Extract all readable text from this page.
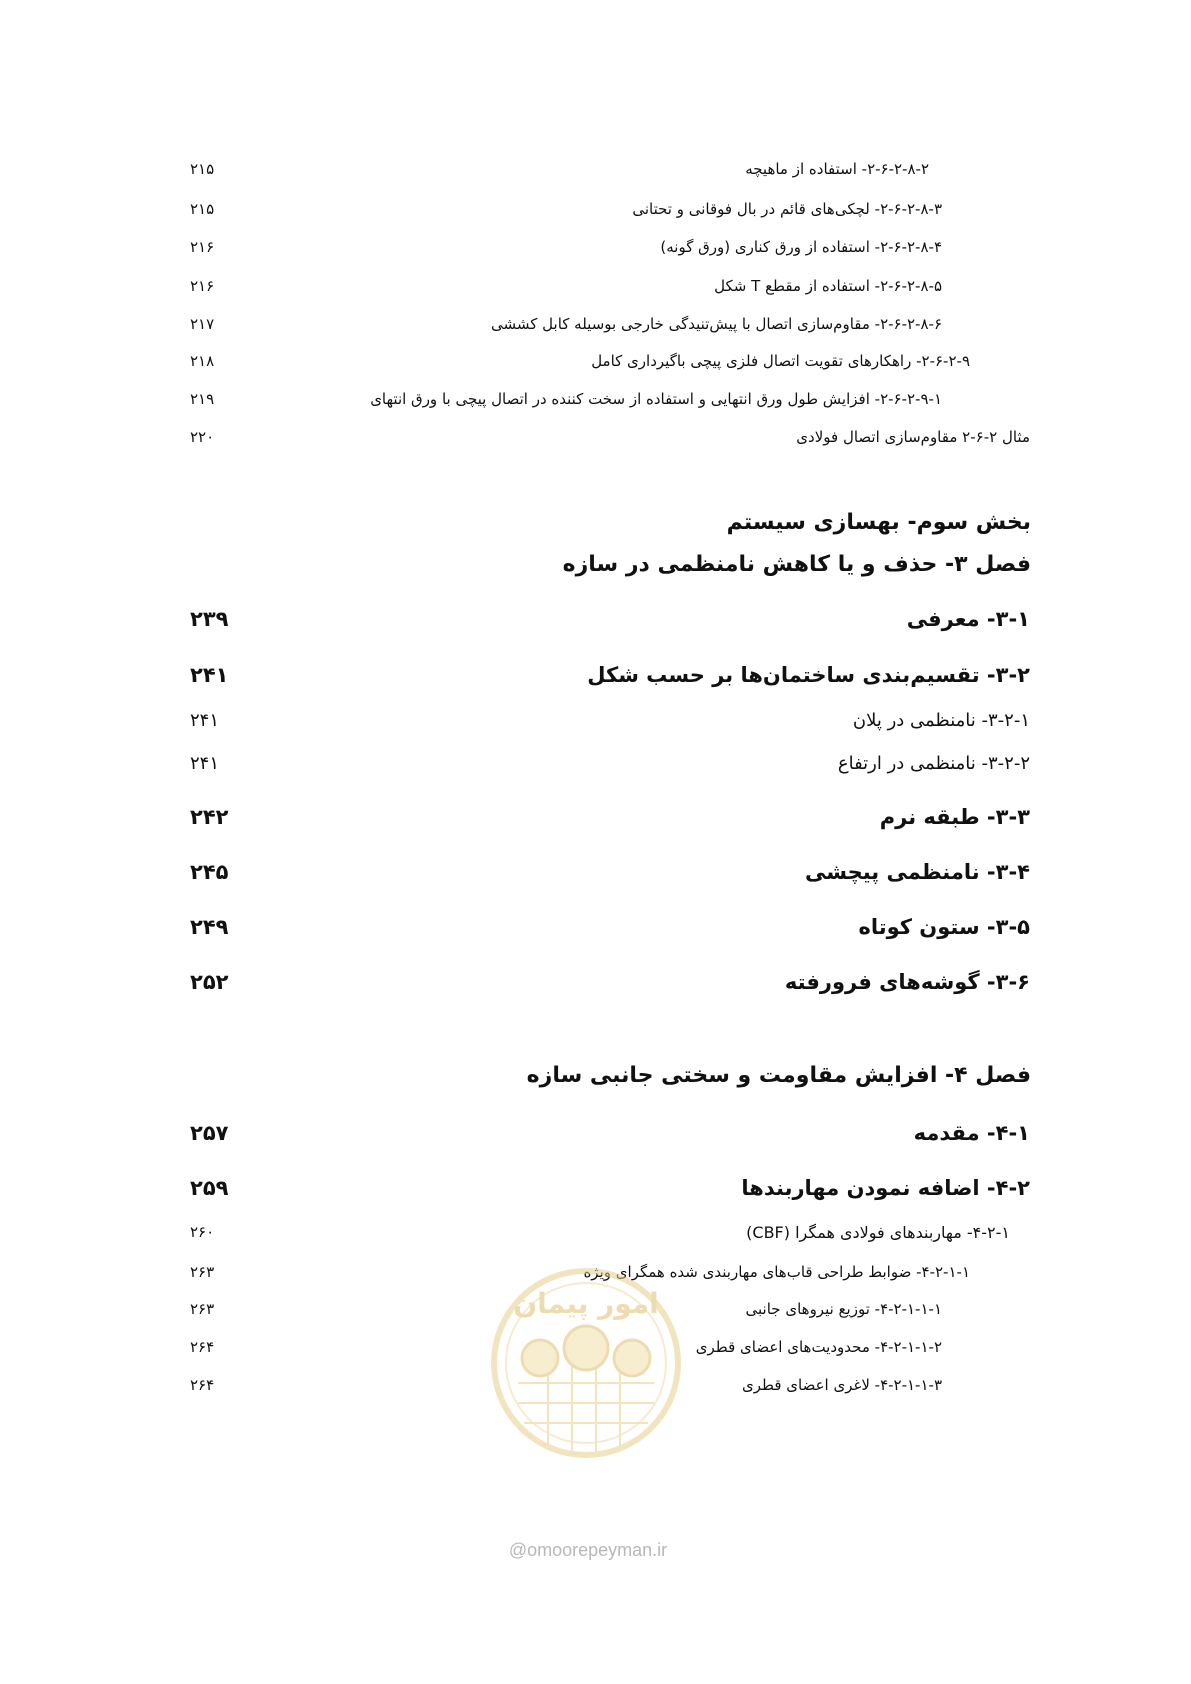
۲-۶-۲-۸-۲- استفاده از ماهیچه
۲۱۵
۲-۶-۲-۸-۳- لچکی‌های قائم در بال فوقانی و تحتانی
۲۱۵
۲-۶-۲-۸-۴- استفاده از ورق کناری (ورق گونه)
۲۱۶
۲-۶-۲-۸-۵- استفاده از مقطع T شکل
۲۱۶
۲-۶-۲-۸-۶- مقاوم‌سازی اتصال با پیش‌تنیدگی خارجی بوسیله کابل کششی
۲۱۷
۲-۶-۲-۹- راهکارهای تقویت اتصال فلزی پیچی باگیرداری کامل
۲۱۸
۲-۶-۲-۹-۱- افزایش طول ورق انتهایی و استفاده از سخت کننده در اتصال پیچی با ورق انتهای
۲۱۹
مثال ۲-۶-۲ مقاوم‌سازی اتصال فولادی
۲۲۰
بخش سوم- بهسازی سیستم
فصل ۳- حذف و یا کاهش نامنظمی در سازه
۳-۱- معرفی
۲۳۹
۳-۲- تقسیم‌بندی ساختمان‌ها بر حسب شکل
۲۴۱
۳-۲-۱- نامنظمی در پلان
۲۴۱
۳-۲-۲- نامنظمی در ارتفاع
۲۴۱
۳-۳- طبقه نرم
۲۴۲
۳-۴- نامنظمی پیچشی
۲۴۵
۳-۵- ستون کوتاه
۲۴۹
۳-۶- گوشه‌های فرورفته
۲۵۲
فصل ۴- افزایش مقاومت و سختی جانبی سازه
۴-۱- مقدمه
۲۵۷
۴-۲- اضافه نمودن مهاربندها
۲۵۹
۴-۲-۱- مهاربندهای فولادی همگرا (CBF)
۲۶۰
۴-۲-۱-۱- ضوابط طراحی قاب‌های مهاربندی شده همگرای ویژه
۲۶۳
۴-۲-۱-۱-۱- توزیع نیروهای جانبی
۲۶۳
۴-۲-۱-۱-۲- محدودیت‌های اعضای قطری
۲۶۴
۴-۲-۱-۱-۳- لاغری اعضای قطری
۲۶۴
امور پیمان
@omoorepeyman.ir
